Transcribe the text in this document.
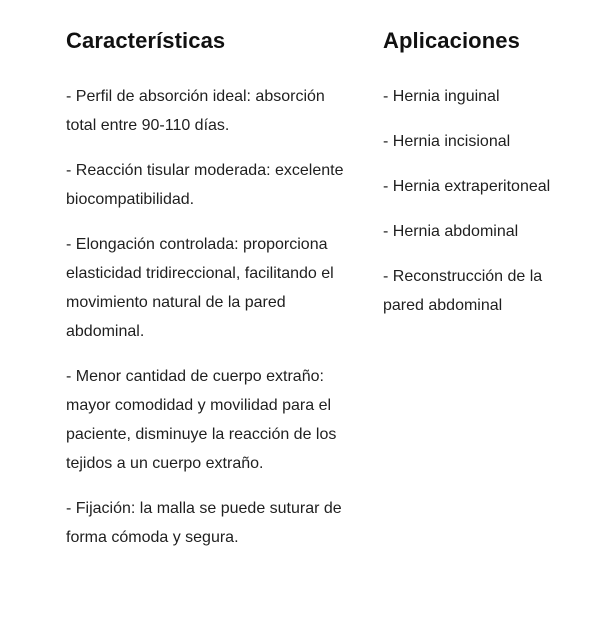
Características
- Perfil de absorción ideal: absorción total entre 90-110 días.
- Reacción tisular moderada: excelente biocompatibilidad.
- Elongación controlada: proporciona elasticidad tridireccional, facilitando el movimiento natural de la pared abdominal.
- Menor cantidad de cuerpo extraño: mayor comodidad y movilidad para el paciente, disminuye la reacción de los tejidos a un cuerpo extraño.
- Fijación: la malla se puede suturar de forma cómoda y segura.
Aplicaciones
- Hernia inguinal
- Hernia incisional
- Hernia extraperitoneal
- Hernia abdominal
- Reconstrucción de la pared abdominal
